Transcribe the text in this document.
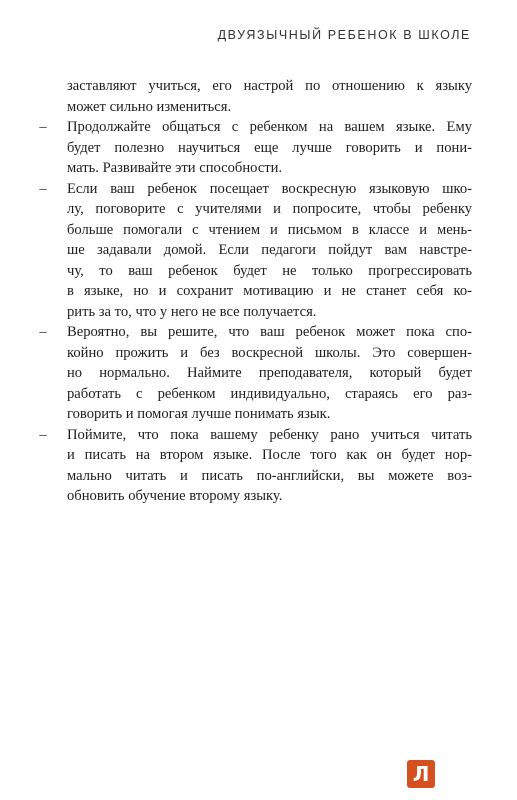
ДВУЯЗЫЧНЫЙ РЕБЕНОК В ШКОЛЕ

заставляют учиться, его настрой по отношению к языку
может сильно измениться.

– Продолжайте общаться с ребенком на вашем языке. Ему
будет полезно научиться еще лучше говорить и пони-
мать. Развивайте эти способности.
– Если ваш ребенок посещает воскресную языковую шко-
лу, поговорите с учителями и попросите, чтобы ребенку
больше помогали с чтением и письмом в классе и мень-
ше задавали домой. Если педагоги пойдут вам навстре-
чу, то ваш ребенок будет не только прогрессировать
в языке, но и сохранит мотивацию и не станет себя ко-
рить за то, что у него не все получается.
– Вероятно, вы решите, что ваш ребенок может пока спо-
койно прожить и без воскресной школы. Это совершен-
но нормально. Наймите преподавателя, который будет
работать с ребенком индивидуально, стараясь его раз-
говорить и помогая лучше понимать язык.
– Поймите, что пока вашему ребенку рано учиться читать
и писать на втором языке. После того как он будет нор-
мально читать и писать по-английски, вы можете воз-
обновить обучение второму языку.
Л
